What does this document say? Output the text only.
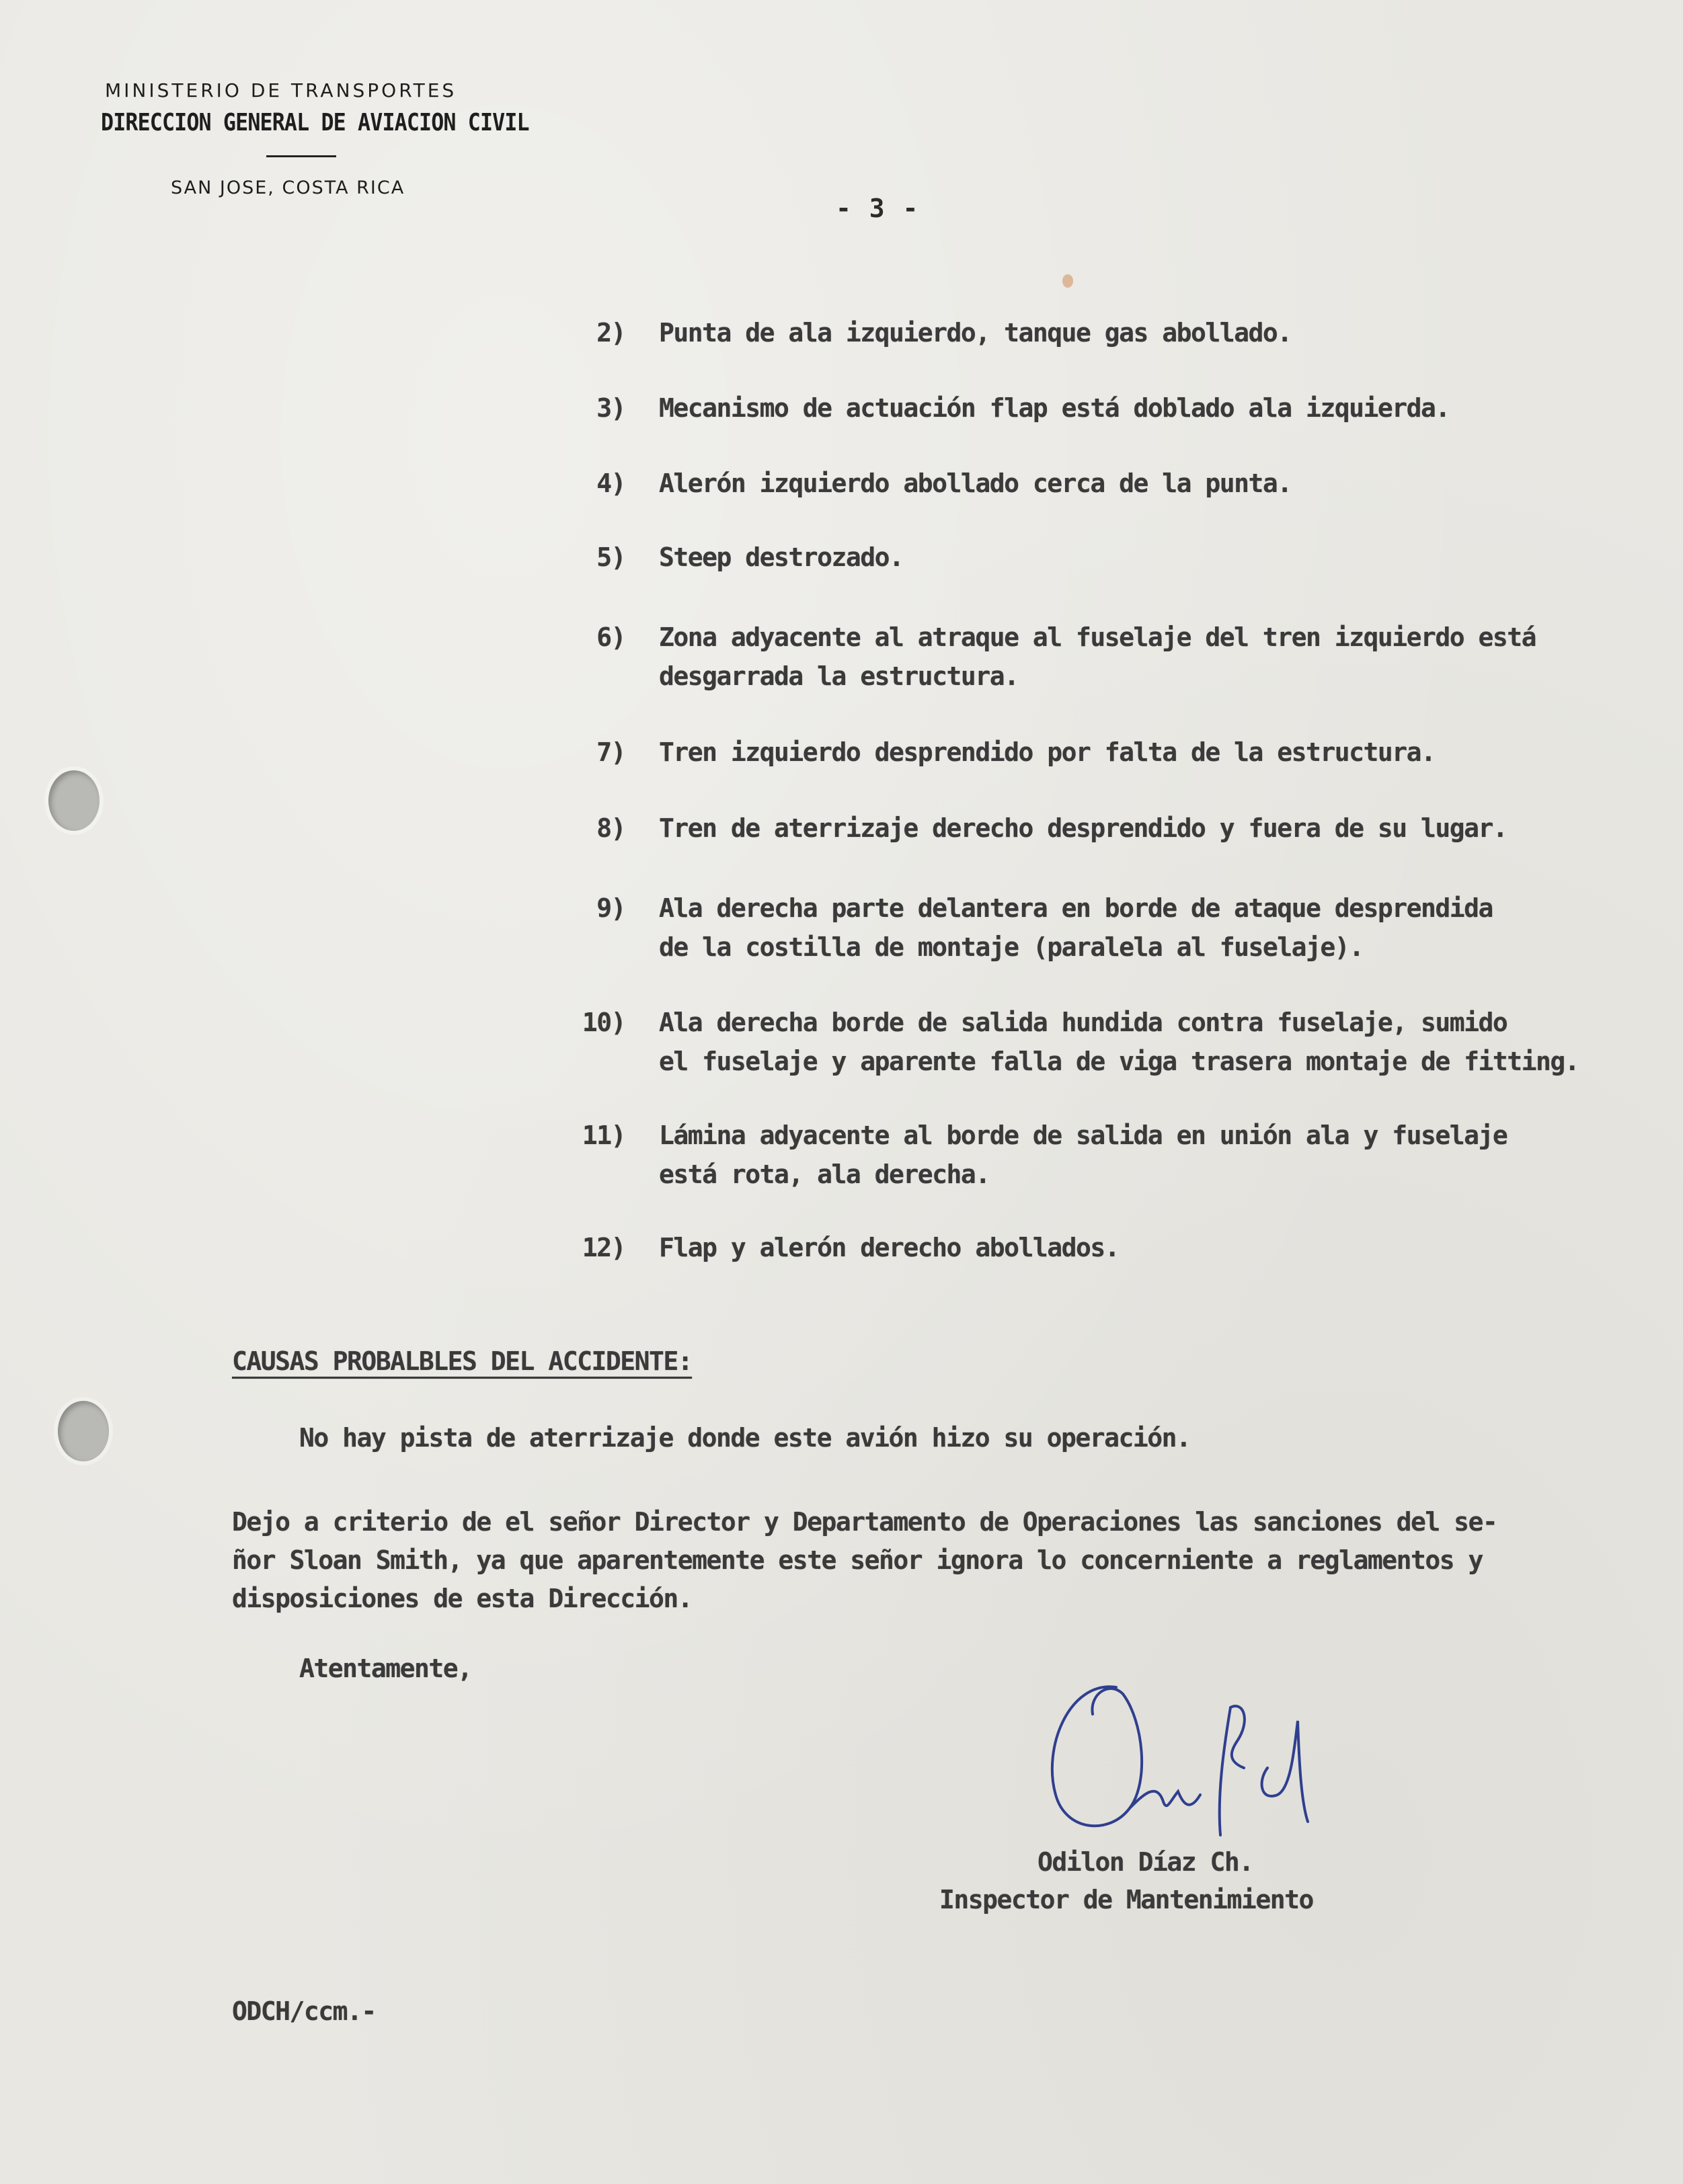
MINISTERIO DE TRANSPORTES
DIRECCION GENERAL DE AVIACION CIVIL
SAN JOSE, COSTA RICA
- 3 -
2) Punta de ala izquierdo, tanque gas abollado.
3) Mecanismo de actuación flap está doblado ala izquierda.
4) Alerón izquierdo abollado cerca de la punta.
5) Steep destrozado.
6) Zona adyacente al atraque al fuselaje del tren izquierdo está
desgarrada la estructura.
7) Tren izquierdo desprendido por falta de la estructura.
8) Tren de aterrizaje derecho desprendido y fuera de su lugar.
9) Ala derecha parte delantera en borde de ataque desprendida
de la costilla de montaje (paralela al fuselaje).
10) Ala derecha borde de salida hundida contra fuselaje, sumido
el fuselaje y aparente falla de viga trasera montaje de fitting.
11) Lámina adyacente al borde de salida en unión ala y fuselaje
está rota, ala derecha.
12) Flap y alerón derecho abollados.
CAUSAS PROBALBLES DEL ACCIDENTE:
No hay pista de aterrizaje donde este avión hizo su operación.
Dejo a criterio de el señor Director y Departamento de Operaciones las sanciones del se-
ñor Sloan Smith, ya que aparentemente este señor ignora lo concerniente a reglamentos y
disposiciones de esta Dirección.
Atentamente,
Odilon Díaz Ch.
Inspector de Mantenimiento
ODCH/ccm.-
